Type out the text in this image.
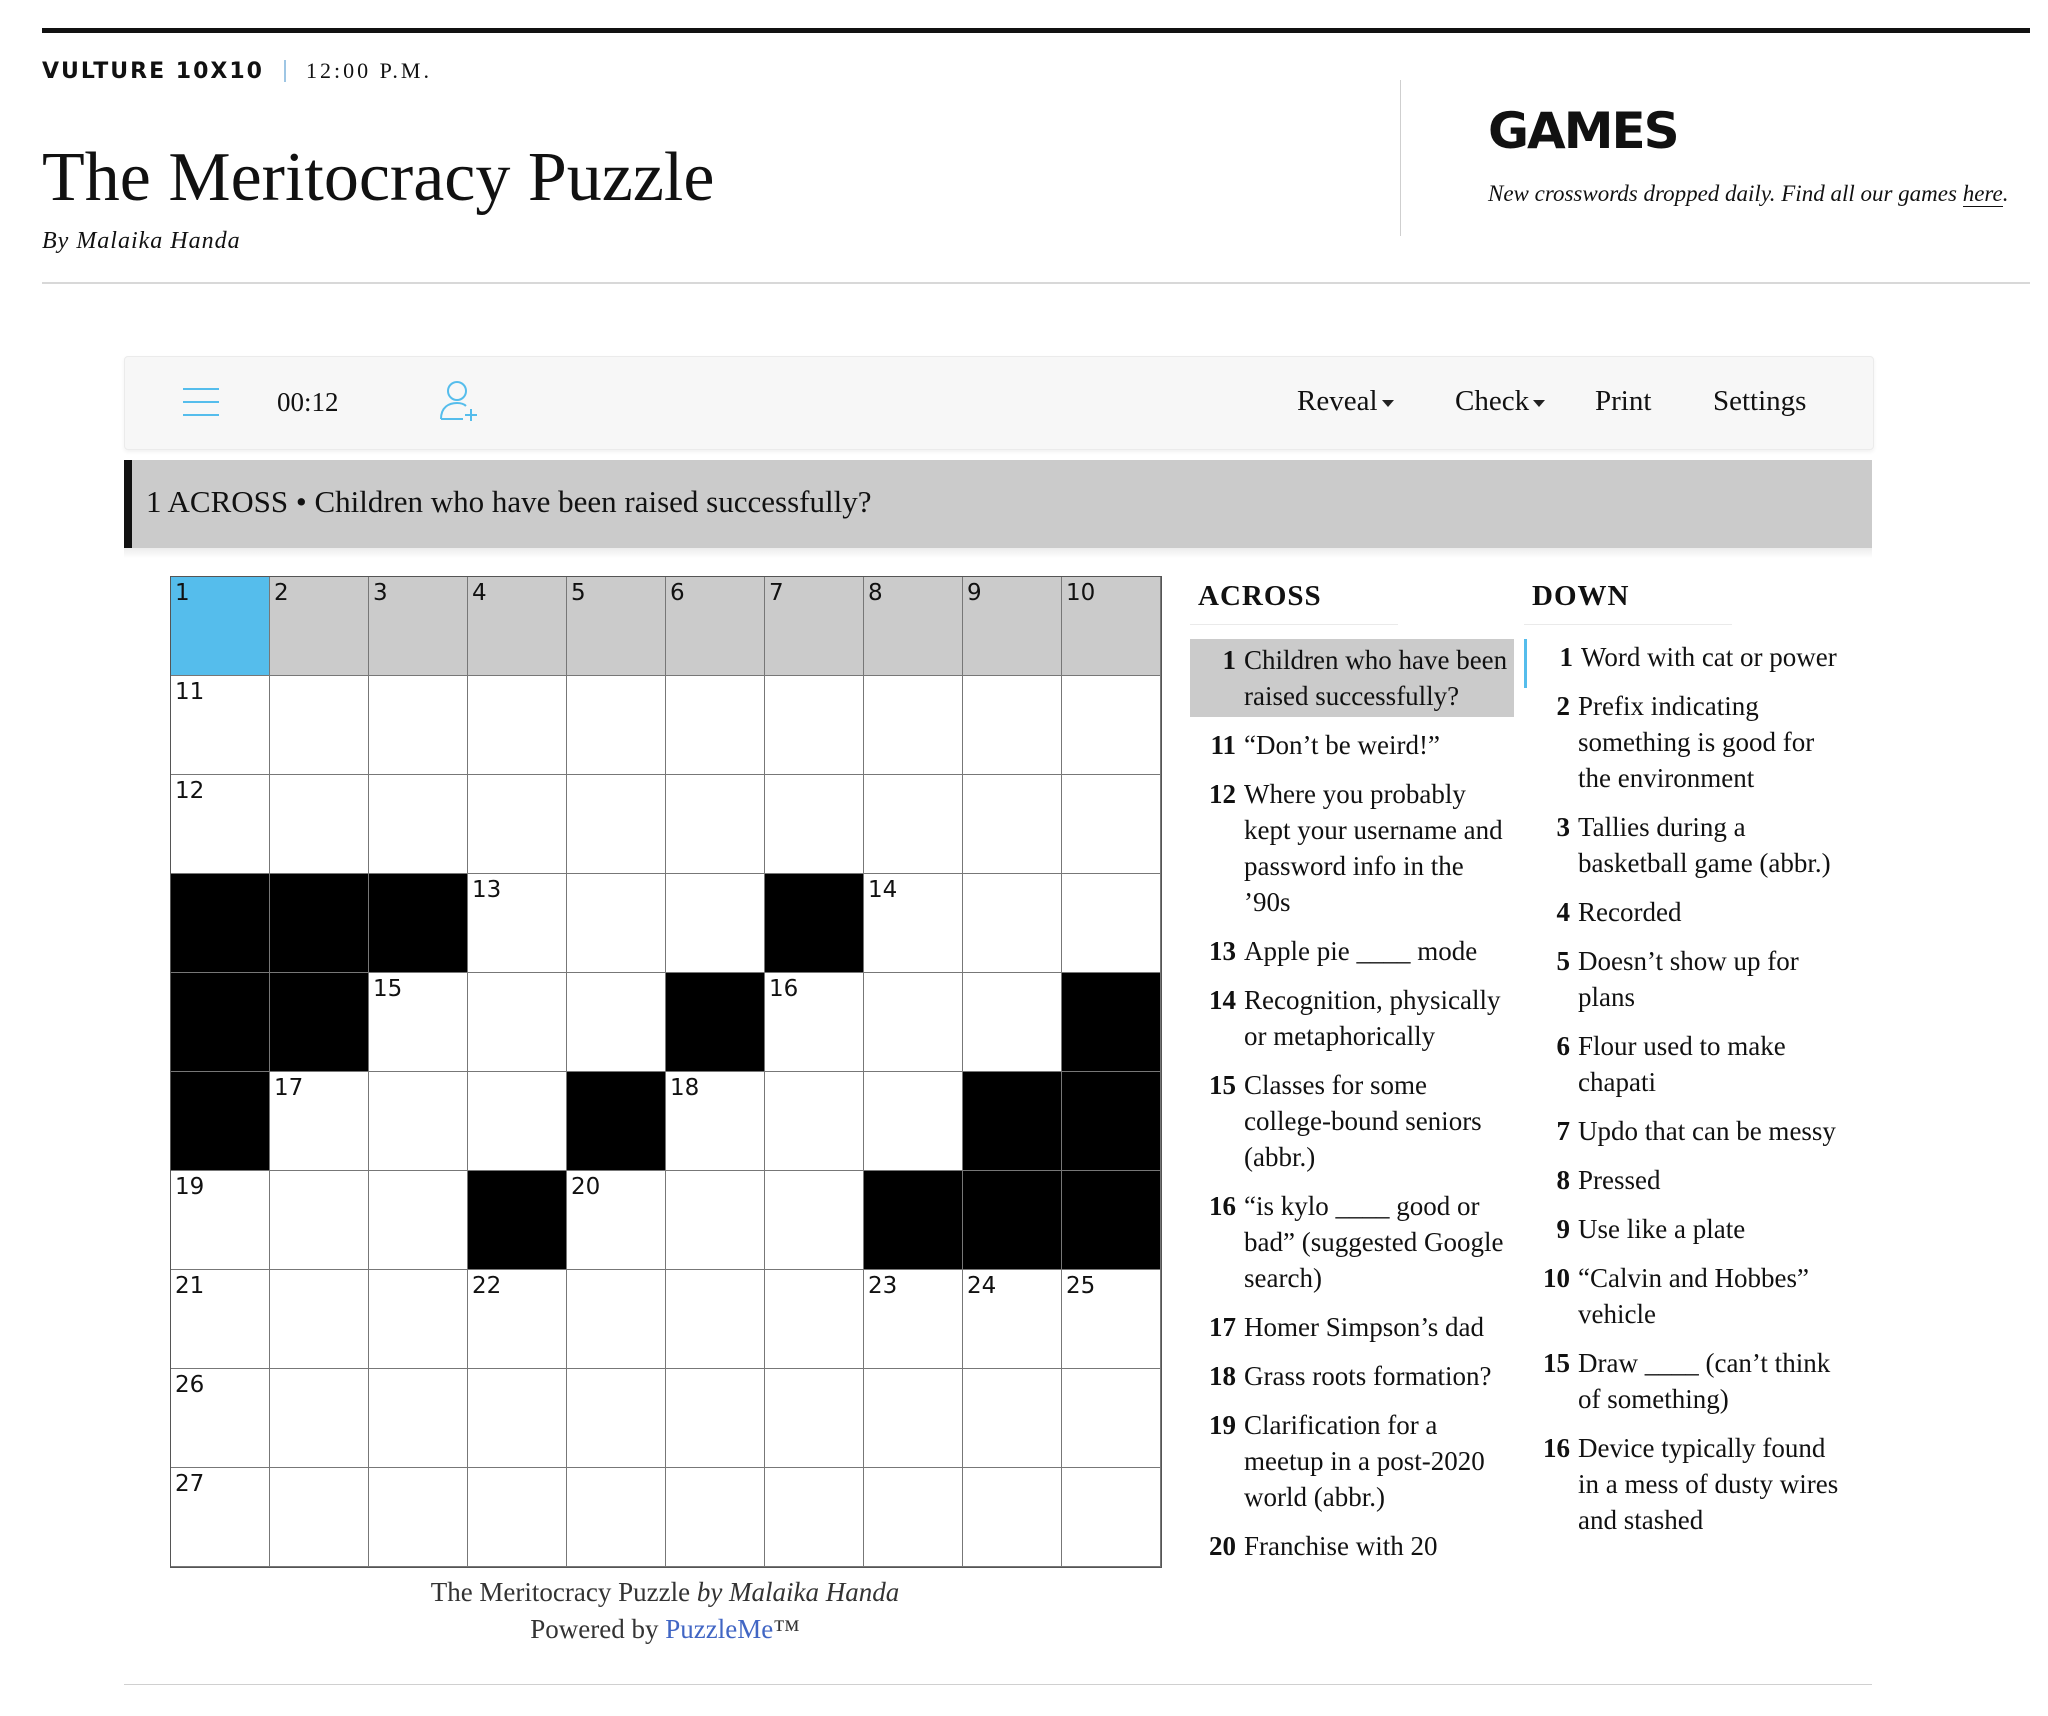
VULTURE 10X10 12:00 P.M.
The Meritocracy Puzzle
By Malaika Handa
GAMES
New crosswords dropped daily. Find all our games here.
00:12	Reveal	Check	Print Settings
1 ACROSS • Children who have been raised successfully?
1	2	3	4	5	6	7	8	9	10
11
12
13	14
15	16
17	18
19	20
21	22	23	24	25
26
27
The Meritocracy Puzzle by Malaika Handa
Powered by PuzzleMe™
ACROSS
1 Children who have been raised successfully?
11 “Don’t be weird!”
12 Where you probably kept your username and password info in the ’90s
13 Apple pie ____ mode
14 Recognition, physically or metaphorically
15 Classes for some college-bound seniors (abbr.)
16 “is kylo ____ good or bad” (suggested Google search)
17 Homer Simpson’s dad
18 Grass roots formation?
19 Clarification for a meetup in a post-2020 world (abbr.)
20 Franchise with 20
DOWN
1 Word with cat or power
2 Prefix indicating something is good for the environment
3 Tallies during a basketball game (abbr.)
4 Recorded
5 Doesn’t show up for plans
6 Flour used to make chapati
7 Updo that can be messy
8 Pressed
9 Use like a plate
10 “Calvin and Hobbes” vehicle
15 Draw ____ (can’t think of something)
16 Device typically found in a mess of dusty wires and stashed
